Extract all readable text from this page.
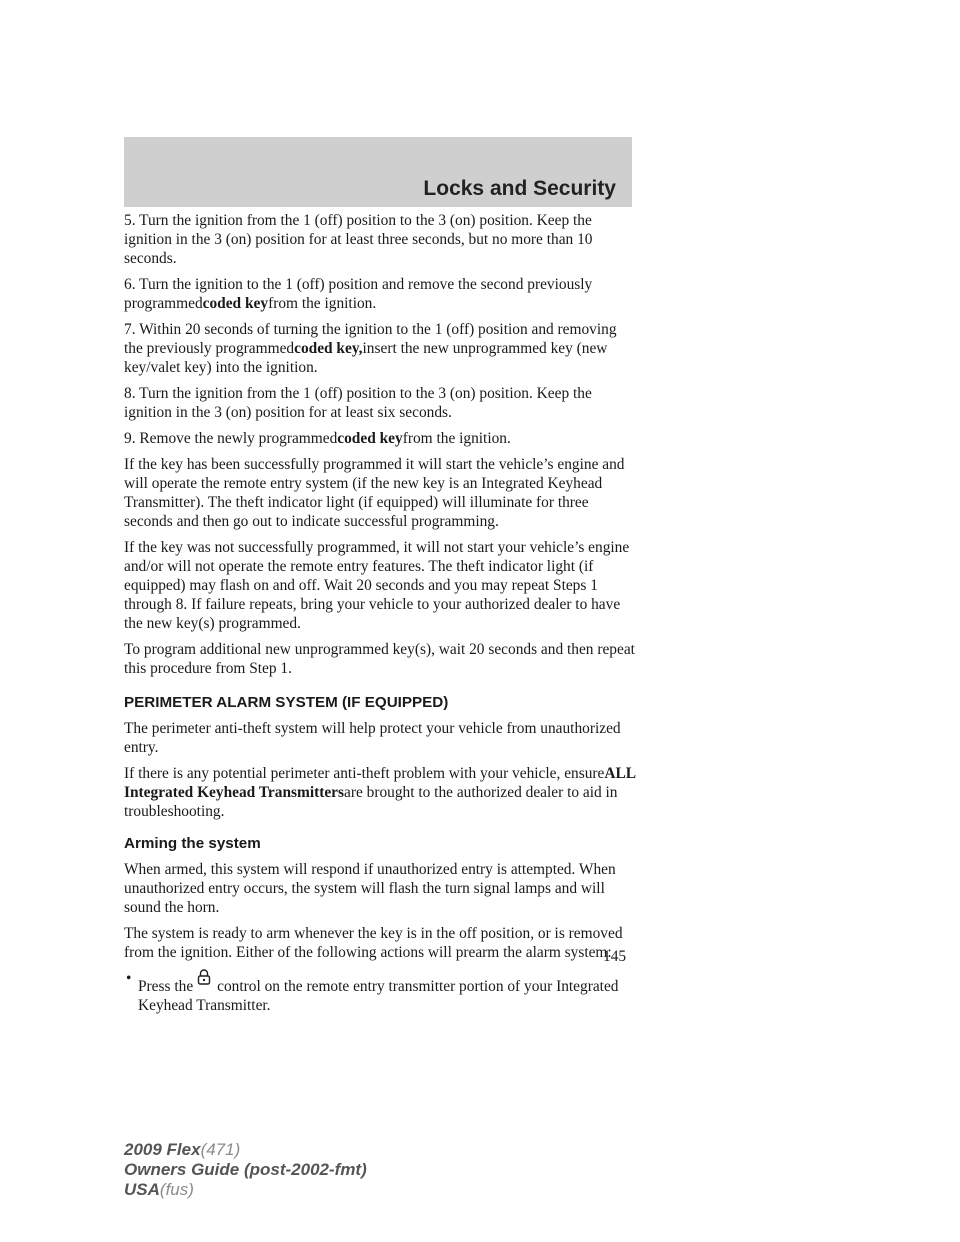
Locks and Security

5. Turn the ignition from the 1 (off) position to the 3 (on) position. Keep the ignition in the 3 (on) position for at least three seconds, but no more than 10 seconds.

6. Turn the ignition to the 1 (off) position and remove the second previously programmedcoded keyfrom the ignition.

7. Within 20 seconds of turning the ignition to the 1 (off) position and removing the previously programmedcoded key,insert the new unprogrammed key (new key/valet key) into the ignition.

8. Turn the ignition from the 1 (off) position to the 3 (on) position. Keep the ignition in the 3 (on) position for at least six seconds.

9. Remove the newly programmedcoded keyfrom the ignition.

If the key has been successfully programmed it will start the vehicle’s engine and will operate the remote entry system (if the new key is an Integrated Keyhead Transmitter). The theft indicator light (if equipped) will illuminate for three seconds and then go out to indicate successful programming.

If the key was not successfully programmed, it will not start your vehicle’s engine and/or will not operate the remote entry features. The theft indicator light (if equipped) may flash on and off. Wait 20 seconds and you may repeat Steps 1 through 8. If failure repeats, bring your vehicle to your authorized dealer to have the new key(s) programmed.

To program additional new unprogrammed key(s), wait 20 seconds and then repeat this procedure from Step 1.

PERIMETER ALARM SYSTEM (IF EQUIPPED)

The perimeter anti-theft system will help protect your vehicle from unauthorized entry.

If there is any potential perimeter anti-theft problem with your vehicle, ensureALL Integrated Keyhead Transmittersare brought to the authorized dealer to aid in troubleshooting.

Arming the system

When armed, this system will respond if unauthorized entry is attempted. When unauthorized entry occurs, the system will flash the turn signal lamps and will sound the horn.

The system is ready to arm whenever the key is in the off position, or is removed from the ignition. Either of the following actions will prearm the alarm system:

• Press the control on the remote entry transmitter portion of your Integrated Keyhead Transmitter.
145
2009 Flex(471)
Owners Guide (post-2002-fmt)
USA(fus)
